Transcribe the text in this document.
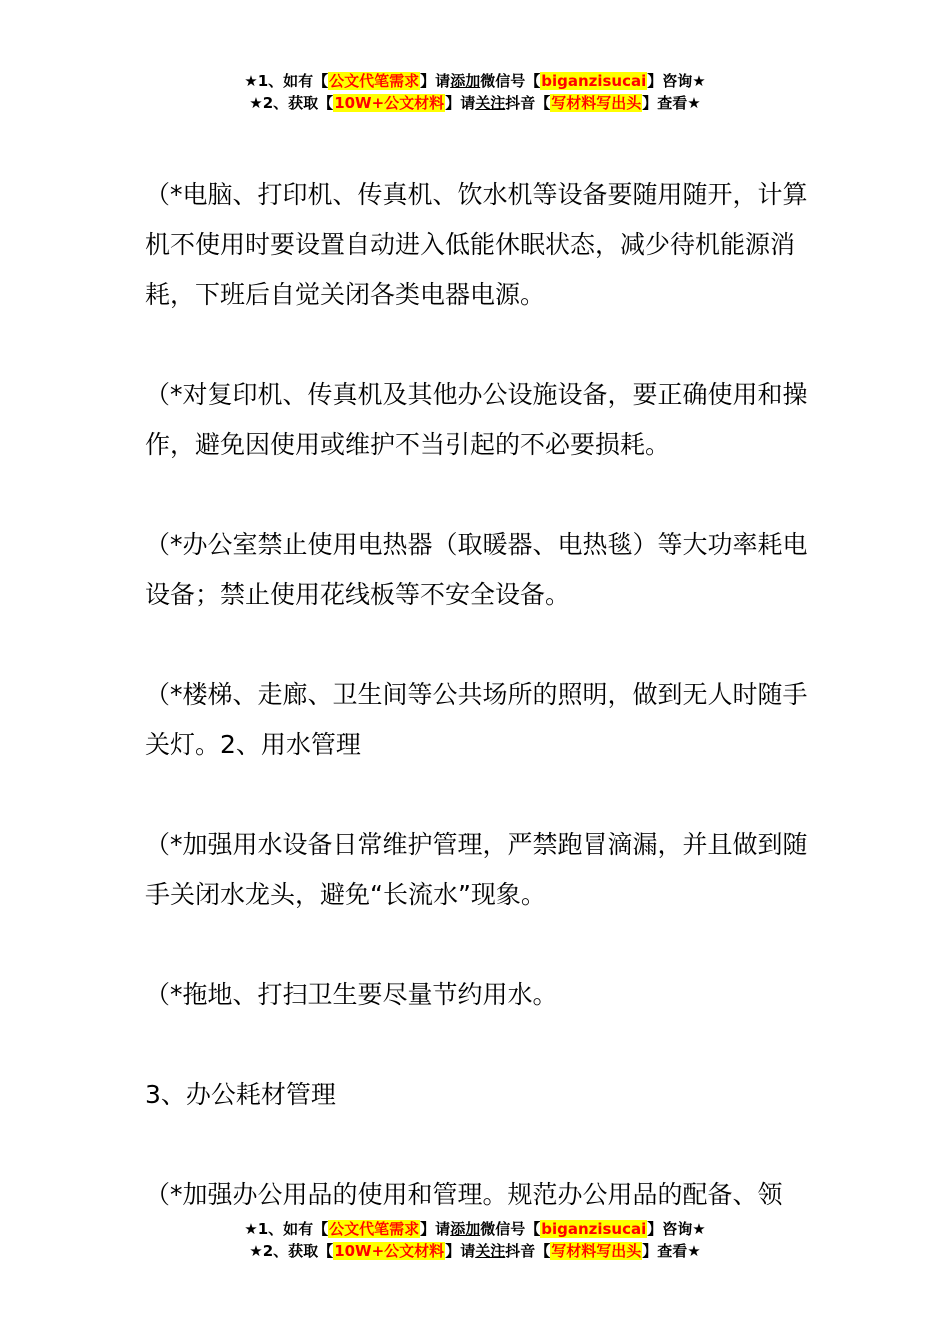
★1、如有【公文代笔需求】请添加微信号【biganzisucai】咨询★
★2、获取【10W+公文材料】请关注抖音【写材料写出头】查看★

（*电脑、打印机、传真机、饮水机等设备要随用随开，计算机不使用时要设置自动进入低能休眠状态，减少待机能源消耗，下班后自觉关闭各类电器电源。

（*对复印机、传真机及其他办公设施设备，要正确使用和操作，避免因使用或维护不当引起的不必要损耗。

（*办公室禁止使用电热器（取暖器、电热毯）等大功率耗电设备；禁止使用花线板等不安全设备。

（*楼梯、走廊、卫生间等公共场所的照明，做到无人时随手关灯。2、用水管理

（*加强用水设备日常维护管理，严禁跑冒滴漏，并且做到随手关闭水龙头，避免“长流水”现象。

（*拖地、打扫卫生要尽量节约用水。

3、办公耗材管理

（*加强办公用品的使用和管理。规范办公用品的配备、领

★1、如有【公文代笔需求】请添加微信号【biganzisucai】咨询★
★2、获取【10W+公文材料】请关注抖音【写材料写出头】查看★
